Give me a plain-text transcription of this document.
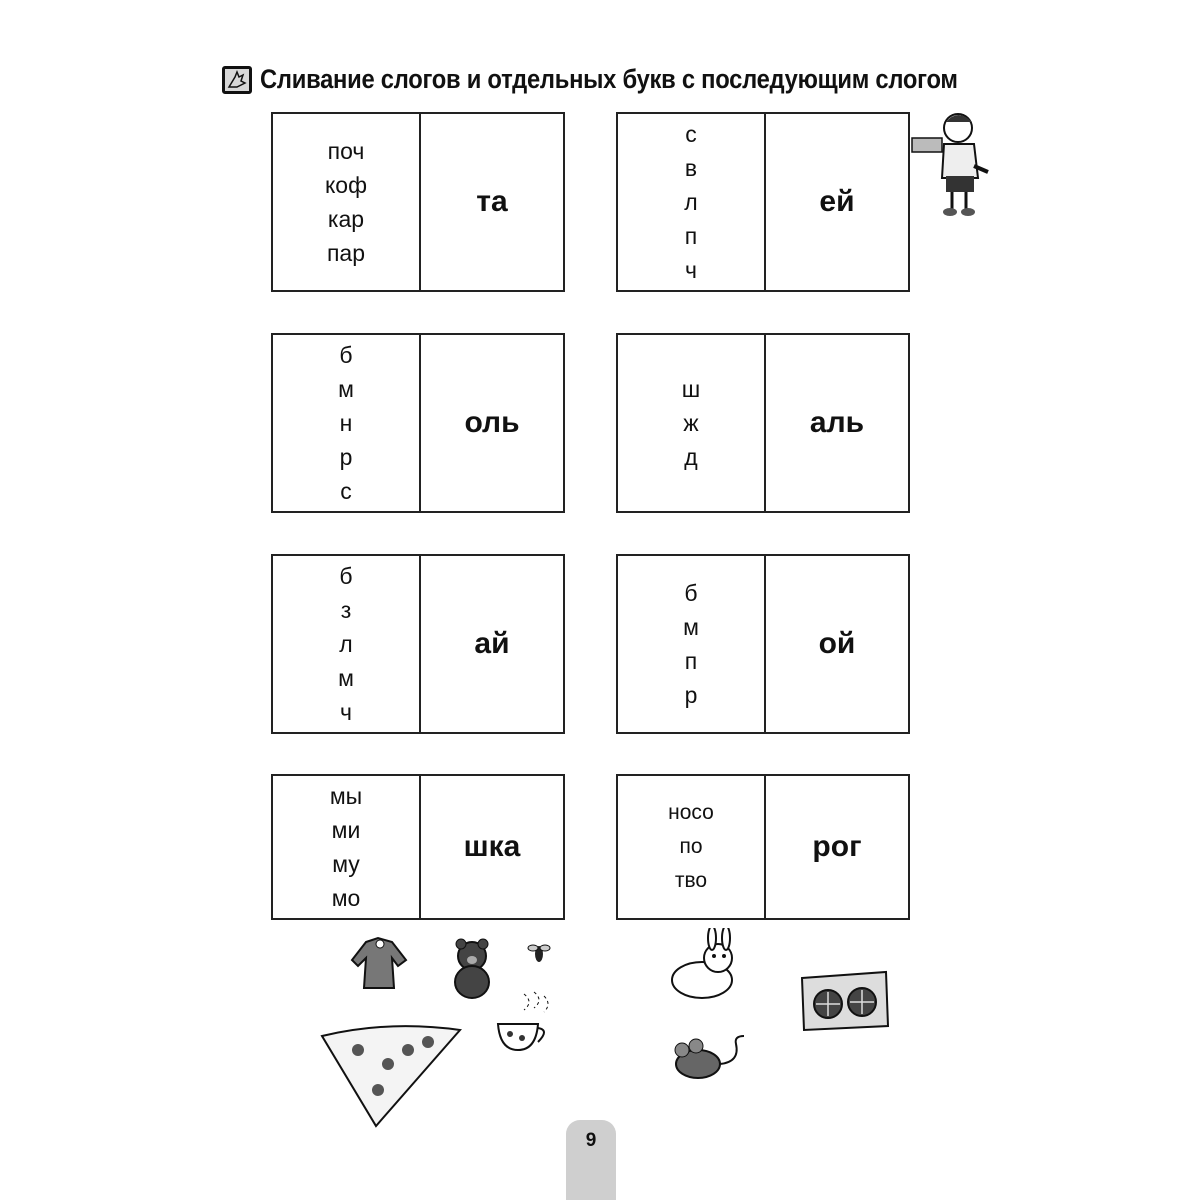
Сливание слогов и отдельных букв с последующим слогом
поч
коф
кар
пар
та
с
в
л
п
ч
ей
б
м
н
р
с
оль
ш
ж
д
аль
б
з
л
м
ч
ай
б
м
п
р
ой
мы
ми
му
мо
шка
носо
по
тво
рог
9
